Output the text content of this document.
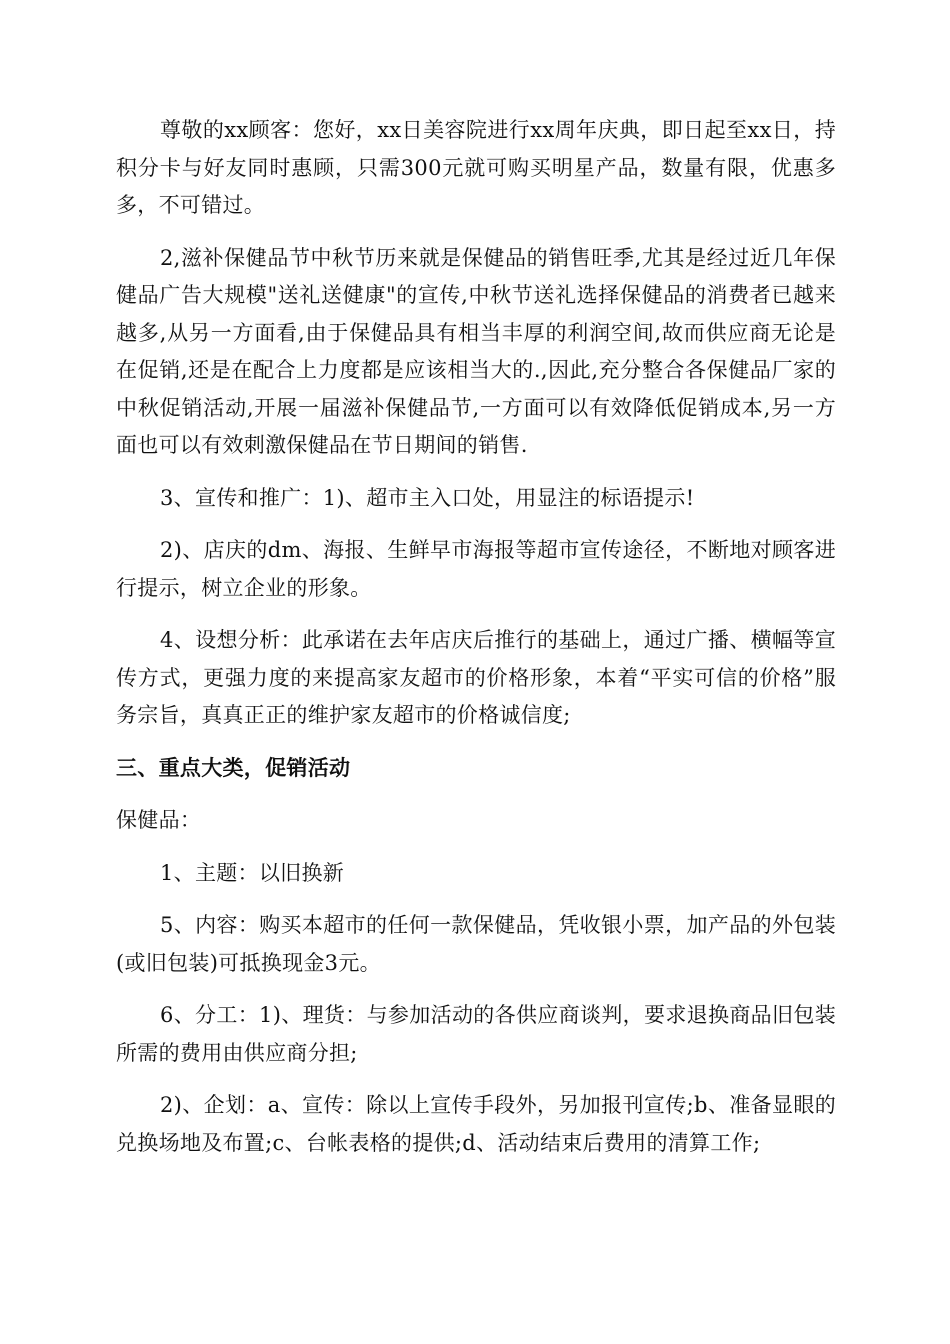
尊敬的xx顾客：您好，xx日美容院进行xx周年庆典，即日起至xx日，持积分卡与好友同时惠顾，只需300元就可购买明星产品，数量有限，优惠多多，不可错过。

2,滋补保健品节中秋节历来就是保健品的销售旺季,尤其是经过近几年保健品广告大规模"送礼送健康"的宣传,中秋节送礼选择保健品的消费者已越来越多,从另一方面看,由于保健品具有相当丰厚的利润空间,故而供应商无论是在促销,还是在配合上力度都是应该相当大的.,因此,充分整合各保健品厂家的中秋促销活动,开展一届滋补保健品节,一方面可以有效降低促销成本,另一方面也可以有效刺激保健品在节日期间的销售.

3、宣传和推广：1)、超市主入口处，用显注的标语提示!

2)、店庆的dm、海报、生鲜早市海报等超市宣传途径，不断地对顾客进行提示，树立企业的形象。

4、设想分析：此承诺在去年店庆后推行的基础上，通过广播、横幅等宣传方式，更强力度的来提高家友超市的价格形象，本着“平实可信的价格”服务宗旨，真真正正的维护家友超市的价格诚信度;

三、重点大类，促销活动

保健品：

1、主题：以旧换新

5、内容：购买本超市的任何一款保健品，凭收银小票，加产品的外包装(或旧包装)可抵换现金3元。

6、分工：1)、理货：与参加活动的各供应商谈判，要求退换商品旧包装所需的费用由供应商分担;

2)、企划：a、宣传：除以上宣传手段外，另加报刊宣传;b、准备显眼的兑换场地及布置;c、台帐表格的提供;d、活动结束后费用的清算工作;
